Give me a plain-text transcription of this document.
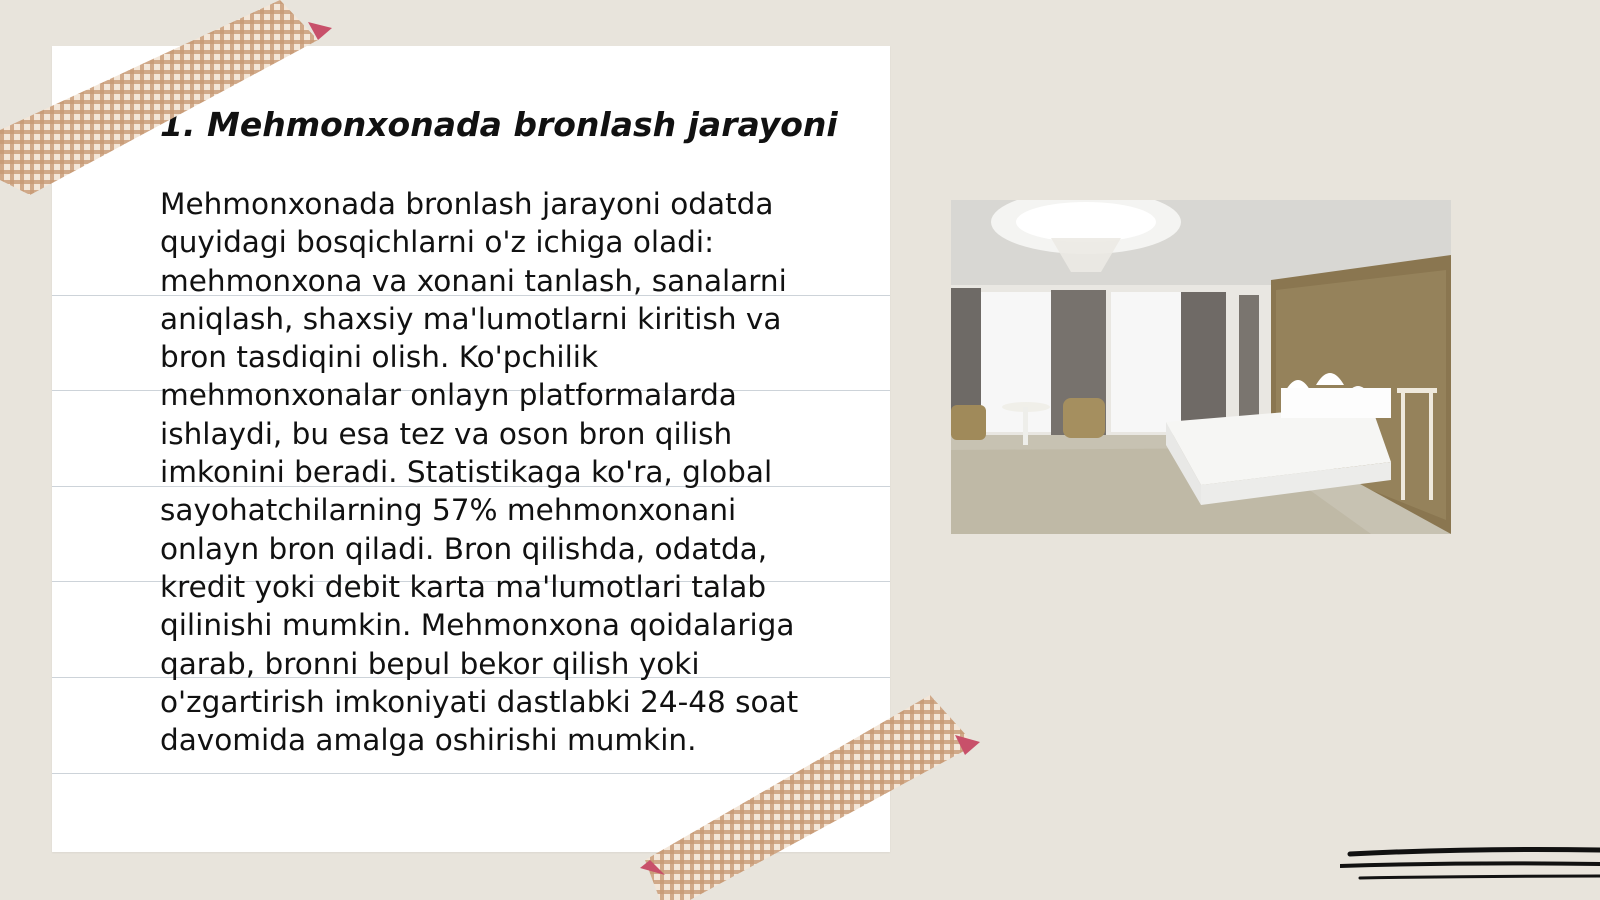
1. Mehmonxonada bronlash jarayoni

Mehmonxonada bronlash jarayoni odatda quyidagi bosqichlarni o'z ichiga oladi: mehmonxona va xonani tanlash, sanalarni aniqlash, shaxsiy ma'lumotlarni kiritish va bron tasdiqini olish. Ko'pchilik mehmonxonalar onlayn platformalarda ishlaydi, bu esa tez va oson bron qilish imkonini beradi. Statistikaga ko'ra, global sayohatchilarning 57% mehmonxonani onlayn bron qiladi. Bron qilishda, odatda, kredit yoki debit karta ma'lumotlari talab qilinishi mumkin. Mehmonxona qoidalariga qarab, bronni bepul bekor qilish yoki o'zgartirish imkoniyati dastlabki 24-48 soat davomida amalga oshirishi mumkin.
